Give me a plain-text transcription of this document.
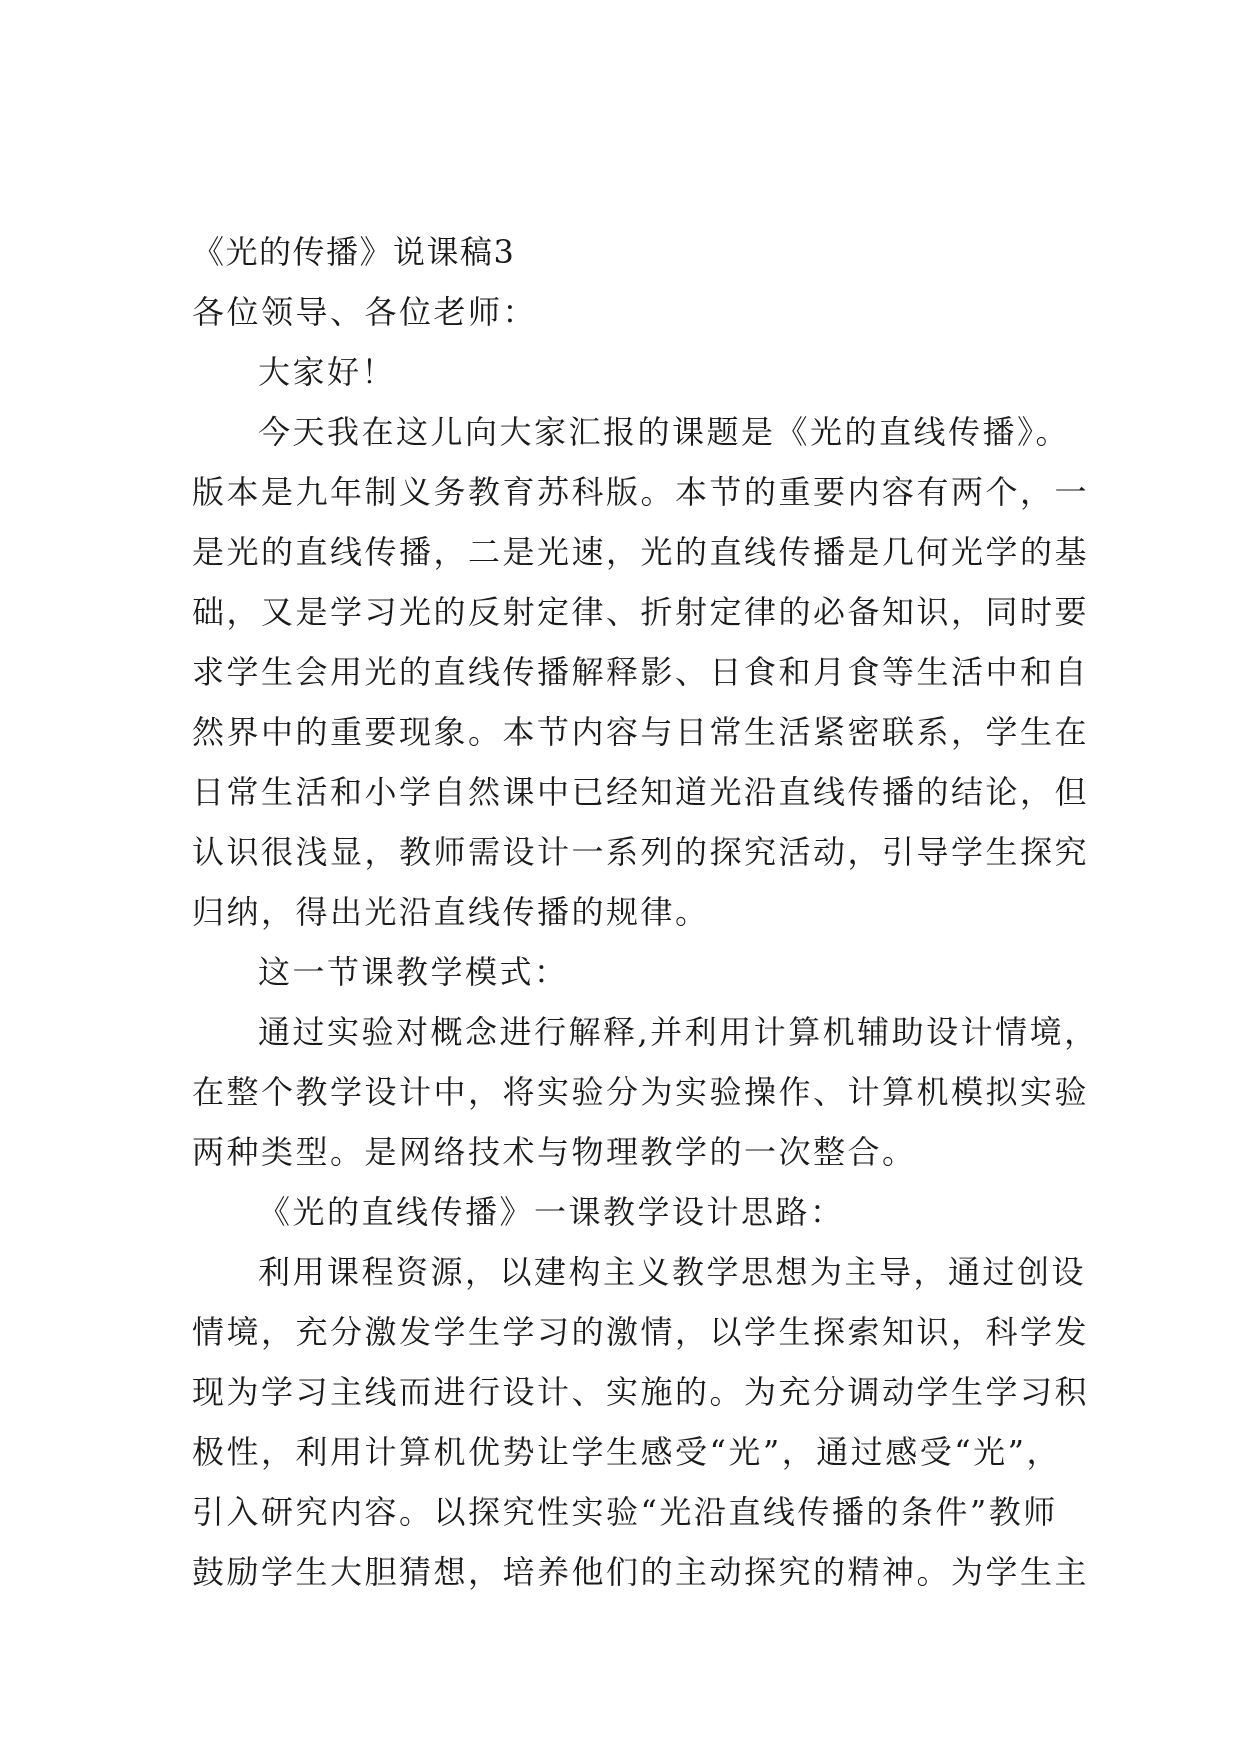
《光的传播》说课稿3
各位领导、各位老师：
大家好！
今天我在这儿向大家汇报的课题是《光的直线传播》。
版本是九年制义务教育苏科版。本节的重要内容有两个，一
是光的直线传播，二是光速，光的直线传播是几何光学的基
础，又是学习光的反射定律、折射定律的必备知识，同时要
求学生会用光的直线传播解释影、日食和月食等生活中和自
然界中的重要现象。本节内容与日常生活紧密联系，学生在
日常生活和小学自然课中已经知道光沿直线传播的结论，但
认识很浅显，教师需设计一系列的探究活动，引导学生探究
归纳，得出光沿直线传播的规律。
这一节课教学模式：
通过实验对概念进行解释,并利用计算机辅助设计情境，
在整个教学设计中，将实验分为实验操作、计算机模拟实验
两种类型。是网络技术与物理教学的一次整合。
《光的直线传播》一课教学设计思路：
利用课程资源，以建构主义教学思想为主导，通过创设
情境，充分激发学生学习的激情，以学生探索知识，科学发
现为学习主线而进行设计、实施的。为充分调动学生学习积
极性，利用计算机优势让学生感受“光”，通过感受“光”，
引入研究内容。以探究性实验“光沿直线传播的条件”教师
鼓励学生大胆猜想，培养他们的主动探究的精神。为学生主
